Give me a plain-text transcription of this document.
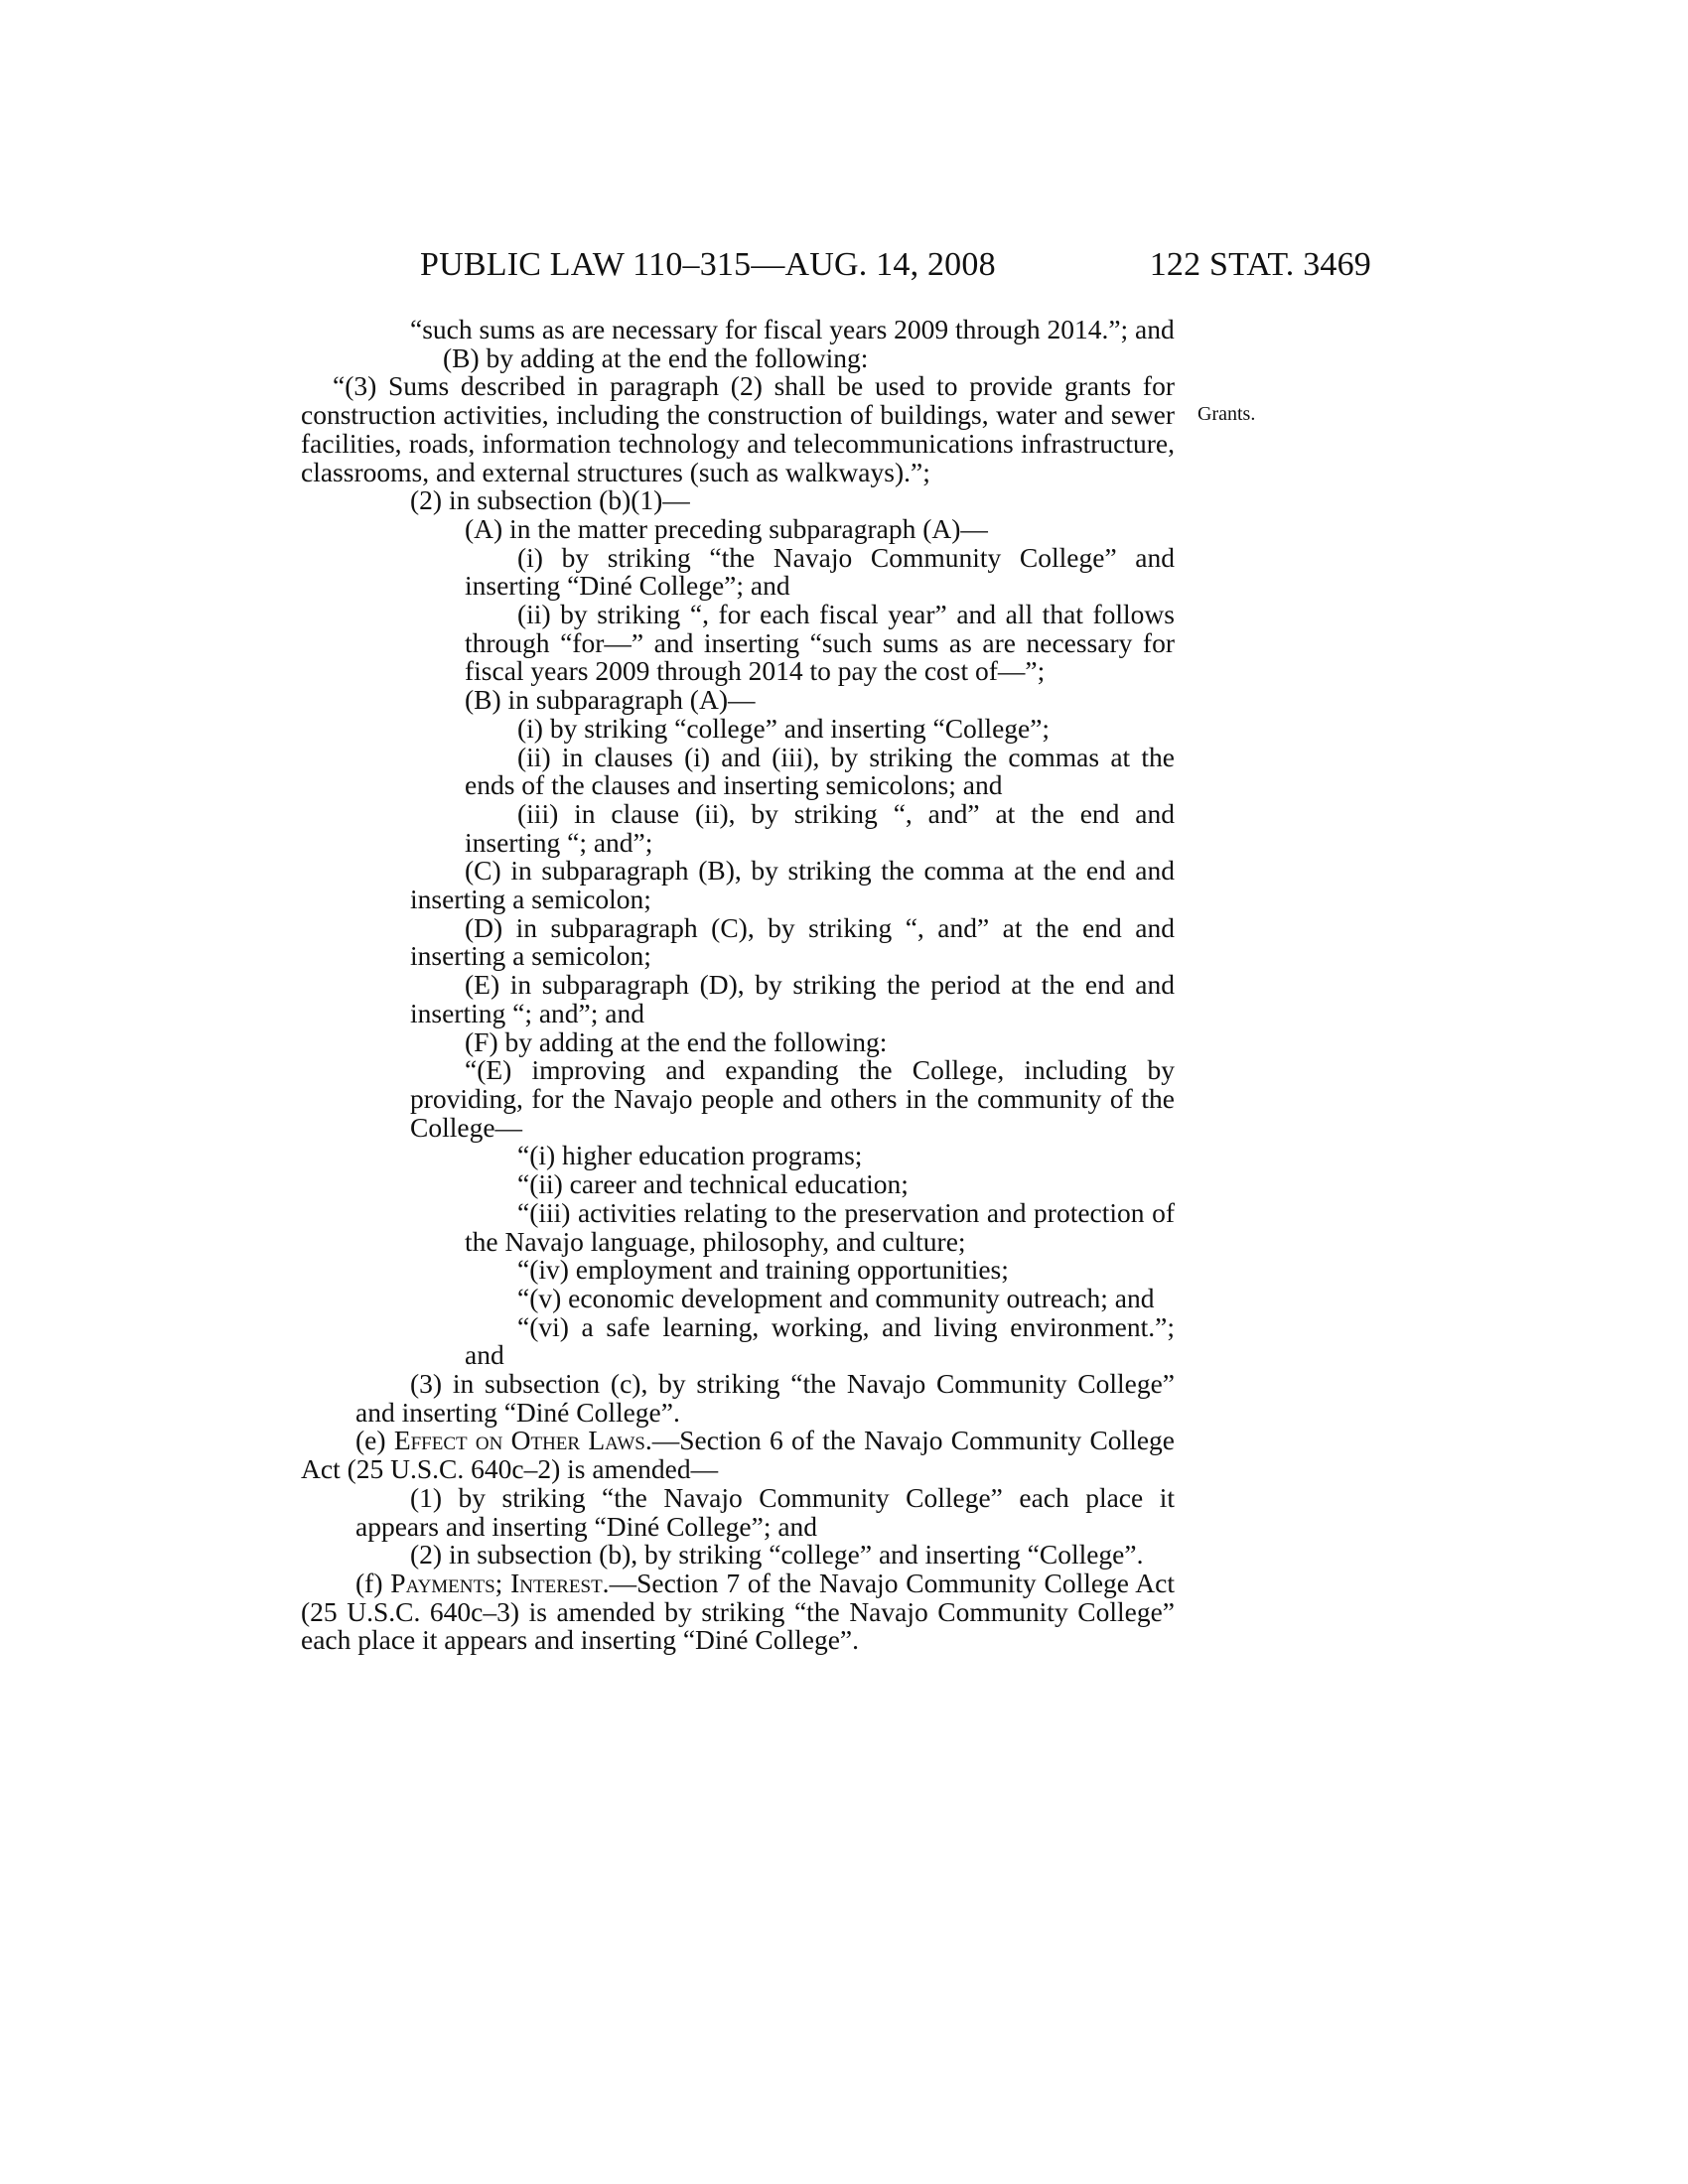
PUBLIC LAW 110–315—AUG. 14, 2008	122 STAT. 3469
Grants.

“such sums as are necessary for fiscal years 2009 through 2014.”; and

(B) by adding at the end the following:

“(3) Sums described in paragraph (2) shall be used to provide grants for construction activities, including the construction of buildings, water and sewer facilities, roads, information technology and telecommunications infrastructure, classrooms, and external structures (such as walkways).”;

(2) in subsection (b)(1)—

(A) in the matter preceding subparagraph (A)—

(i) by striking “the Navajo Community College” and inserting “Diné College”; and

(ii) by striking “, for each fiscal year” and all that follows through “for—” and inserting “such sums as are necessary for fiscal years 2009 through 2014 to pay the cost of—”;

(B) in subparagraph (A)—

(i) by striking “college” and inserting “College”;

(ii) in clauses (i) and (iii), by striking the commas at the ends of the clauses and inserting semicolons; and

(iii) in clause (ii), by striking “, and” at the end and inserting “; and”;

(C) in subparagraph (B), by striking the comma at the end and inserting a semicolon;

(D) in subparagraph (C), by striking “, and” at the end and inserting a semicolon;

(E) in subparagraph (D), by striking the period at the end and inserting “; and”; and

(F) by adding at the end the following:

“(E) improving and expanding the College, including by providing, for the Navajo people and others in the community of the College—

“(i) higher education programs;

“(ii) career and technical education;

“(iii) activities relating to the preservation and protection of the Navajo language, philosophy, and culture;

“(iv) employment and training opportunities;

“(v) economic development and community outreach; and

“(vi) a safe learning, working, and living environment.”; and

(3) in subsection (c), by striking “the Navajo Community College” and inserting “Diné College”.

(e) Effect on Other Laws.—Section 6 of the Navajo Community College Act (25 U.S.C. 640c–2) is amended—

(1) by striking “the Navajo Community College” each place it appears and inserting “Diné College”; and

(2) in subsection (b), by striking “college” and inserting “College”.

(f) Payments; Interest.—Section 7 of the Navajo Community College Act (25 U.S.C. 640c–3) is amended by striking “the Navajo Community College” each place it appears and inserting “Diné College”.
